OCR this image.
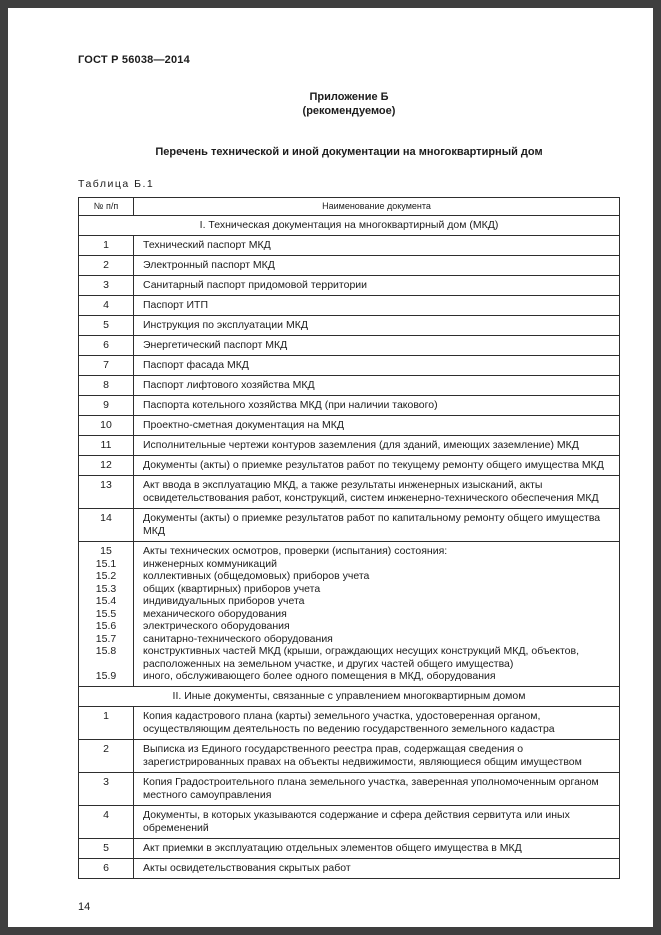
ГОСТ Р 56038—2014
Приложение Б
(рекомендуемое)
Перечень технической и иной документации на многоквартирный дом
Таблица Б.1
№ п/п	Наименование документа
I. Техническая документация на многоквартирный дом (МКД)	
1	Технический паспорт МКД
2	Электронный паспорт МКД
3	Санитарный паспорт придомовой территории
4	Паспорт ИТП
5	Инструкция по эксплуатации МКД
6	Энергетический паспорт МКД
7	Паспорт фасада МКД
8	Паспорт лифтового хозяйства МКД
9	Паспорта котельного хозяйства МКД (при наличии такового)
10	Проектно-сметная документация на МКД
11	Исполнительные чертежи контуров заземления (для зданий, имеющих заземление) МКД
12	Документы (акты) о приемке результатов работ по текущему ремонту общего имущества МКД
13	Акт ввода в эксплуатацию МКД, а также результаты инженерных изысканий, акты освидетельствования работ, конструкций, систем инженерно-технического обеспечения МКД
14	Документы (акты) о приемке результатов работ по капитальному ремонту общего имущества МКД
15	Акты технических осмотров, проверки (испытания) состояния:
15.1	инженерных коммуникаций
15.2	коллективных (общедомовых) приборов учета
15.3	общих (квартирных) приборов учета
15.4	индивидуальных приборов учета
15.5	механического оборудования
15.6	электрического оборудования
15.7	санитарно-технического оборудования
15.8	конструктивных частей МКД (крыши, ограждающих несущих конструкций МКД, объектов, расположенных на земельном участке, и других частей общего имущества)
15.9	иного, обслуживающего более одного помещения в МКД, оборудования
II. Иные документы, связанные с управлением многоквартирным домом	
1	Копия кадастрового плана (карты) земельного участка, удостоверенная органом, осуществляющим деятельность по ведению государственного земельного кадастра
2	Выписка из Единого государственного реестра прав, содержащая сведения о зарегистрированных правах на объекты недвижимости, являющиеся общим имуществом
3	Копия Градостроительного плана земельного участка, заверенная уполномоченным органом местного самоуправления
4	Документы, в которых указываются содержание и сфера действия сервитута или иных обременений
5	Акт приемки в эксплуатацию отдельных элементов общего имущества в МКД
6	Акты освидетельствования скрытых работ
14
